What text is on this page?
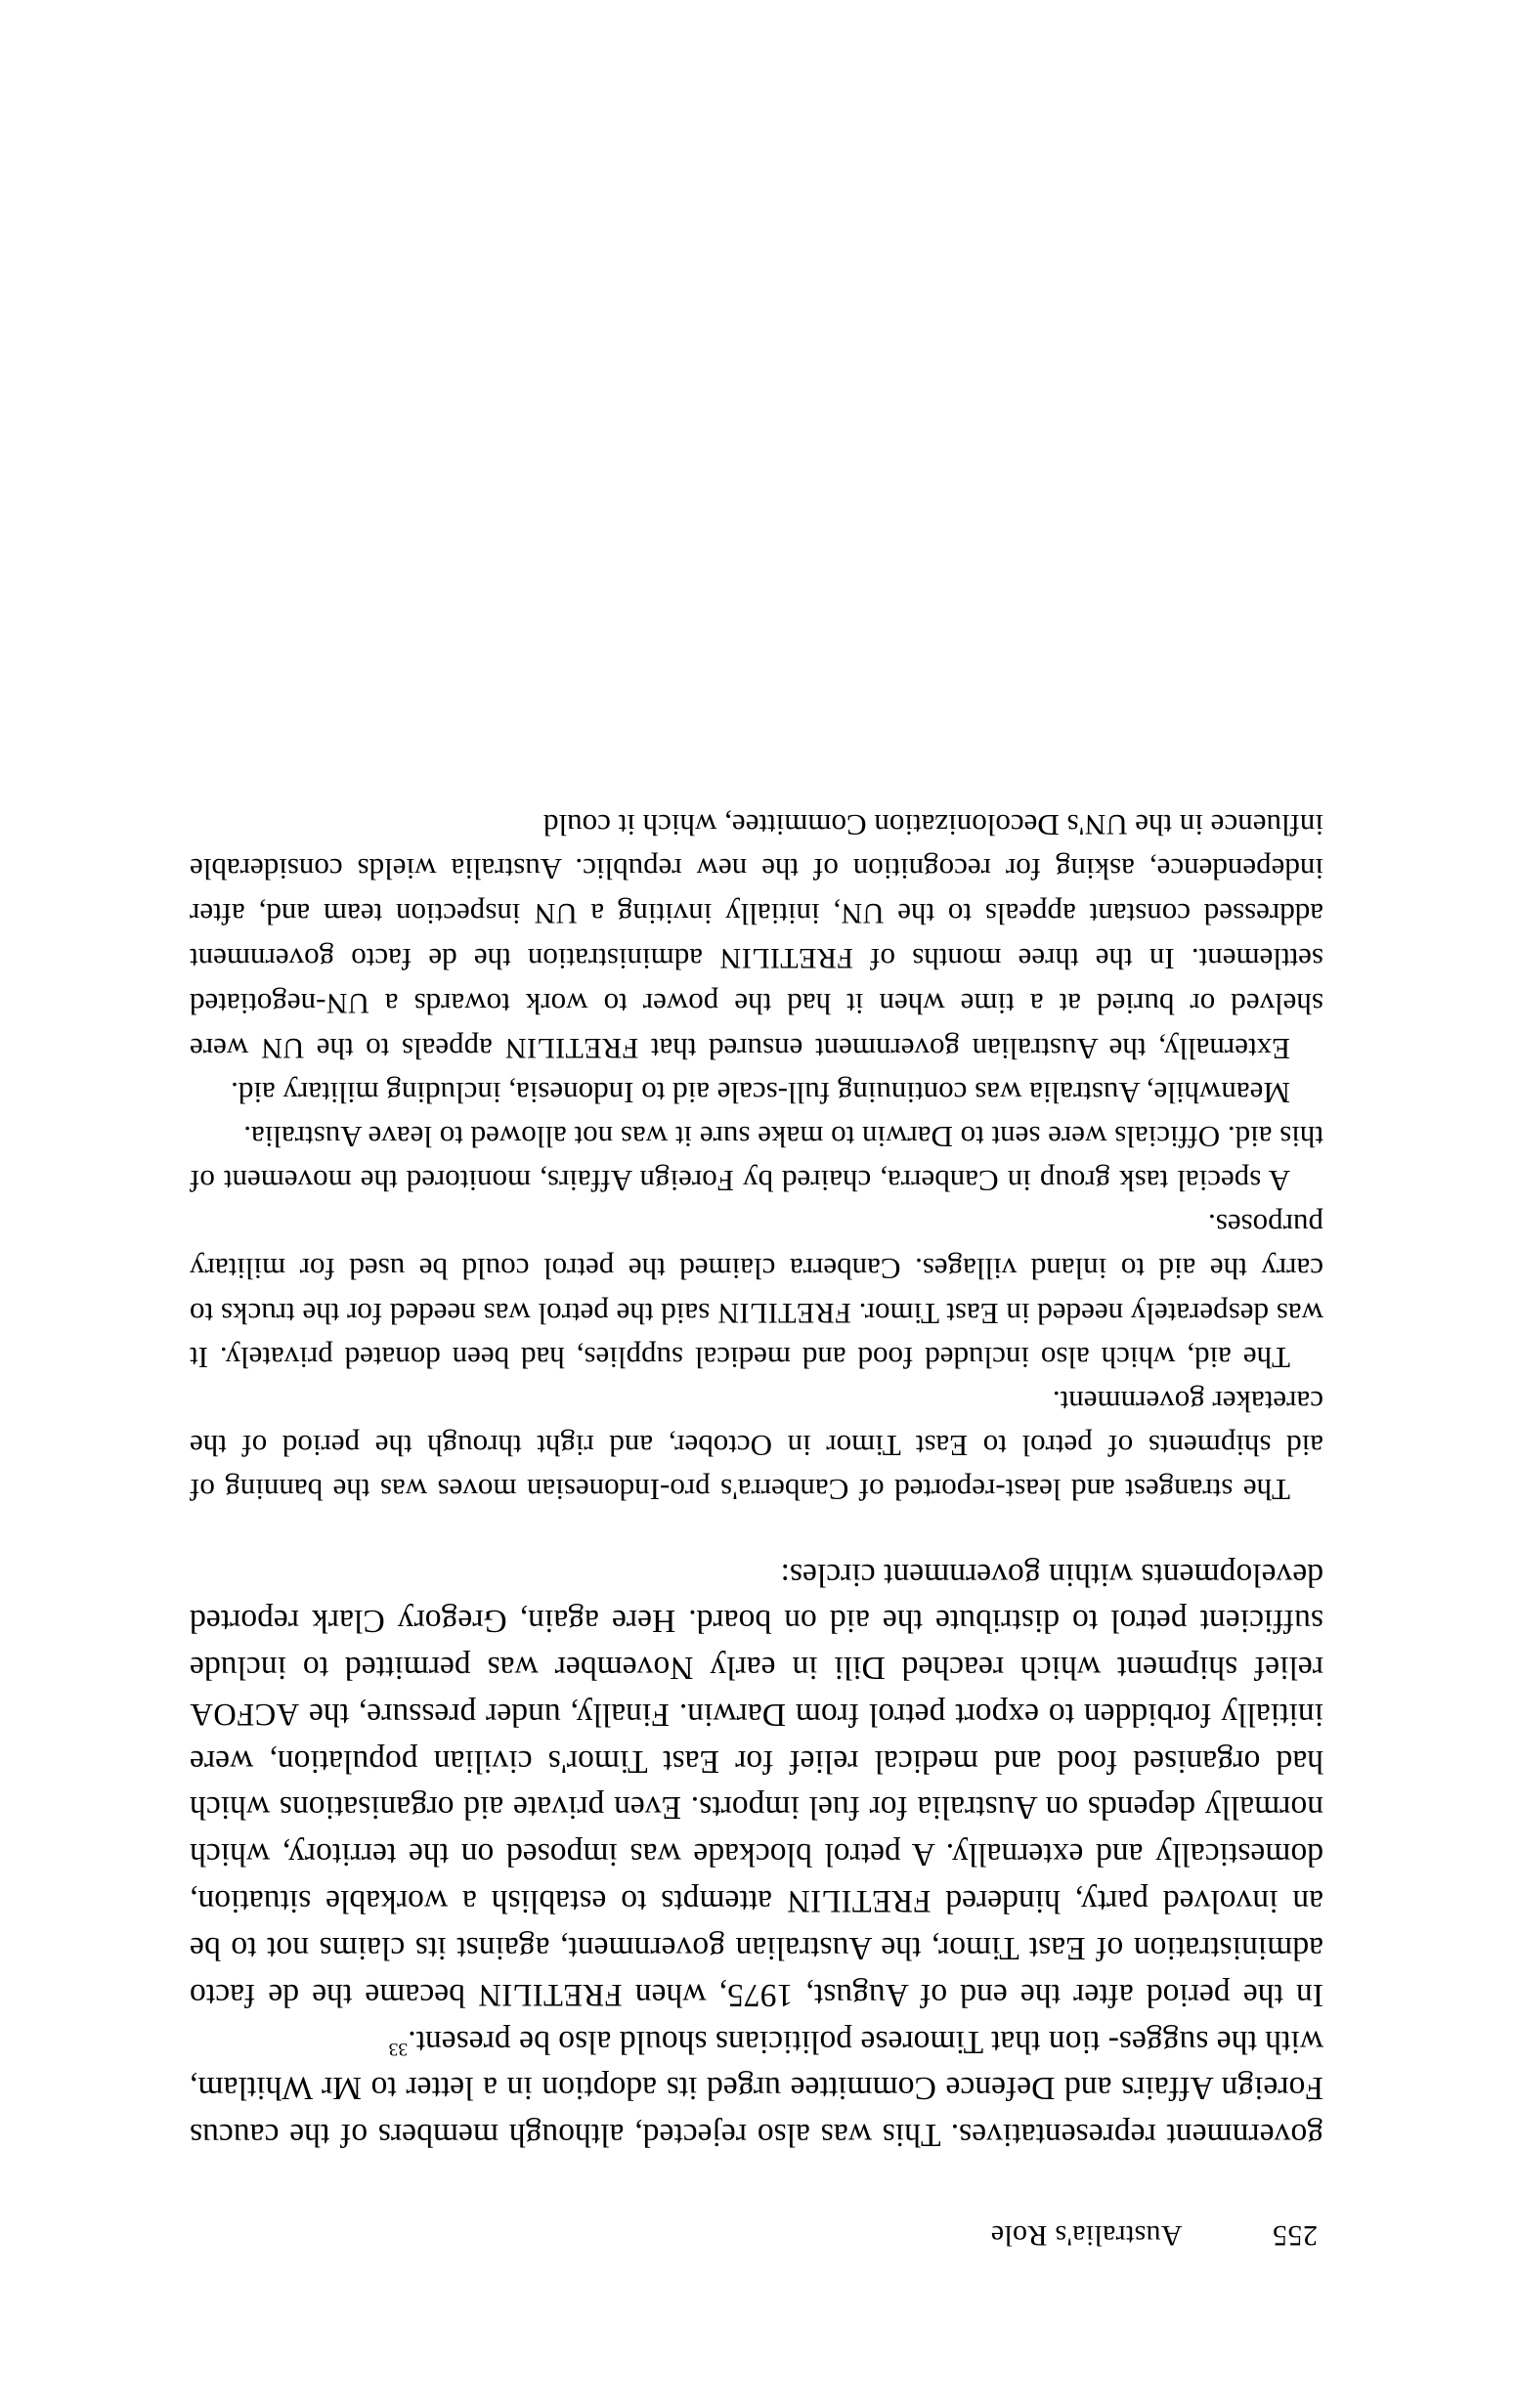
255
Australia's Role

government representatives. This was also rejected, although members of the caucus Foreign Affairs and Defence Committee urged its adoption in a letter to Mr Whitlam, with the sugges- tion that Timorese politicians should also be present.$^{33}$

In the period after the end of August, 1975, when FRETILIN became the de facto administration of East Timor, the Australian government, against its claims not to be an involved party, hindered FRETILIN attempts to establish a workable situation, domestically and externally. A petrol blockade was imposed on the territory, which normally depends on Australia for fuel imports. Even private aid organisations which had organised food and medical relief for East Timor's civilian population, were initially forbidden to export petrol from Darwin. Finally, under pressure, the ACFOA relief shipment which reached Dili in early November was permitted to include sufficient petrol to distribute the aid on board. Here again, Gregory Clark reported developments within government circles:

The strangest and least-reported of Canberra's pro-Indonesian moves was the banning of aid shipments of petrol to East Timor in October, and right through the period of the caretaker government.

The aid, which also included food and medical supplies, had been donated privately. It was desperately needed in East Timor. FRETILIN said the petrol was needed for the trucks to carry the aid to inland villages. Canberra claimed the petrol could be used for military purposes.

A special task group in Canberra, chaired by Foreign Affairs, monitored the movement of this aid. Officials were sent to Darwin to make sure it was not allowed to leave Australia.

Meanwhile, Australia was continuing full-scale aid to Indonesia, including military aid.

Externally, the Australian government ensured that FRETILIN appeals to the UN were shelved or buried at a time when it had the power to work towards a UN-negotiated settlement. In the three months of FRETILIN administration the de facto government addressed constant appeals to the UN, initially inviting a UN inspection team and, after independence, asking for recognition of the new republic. Australia wields considerable influence in the UN's Decolonization Committee, which it could
